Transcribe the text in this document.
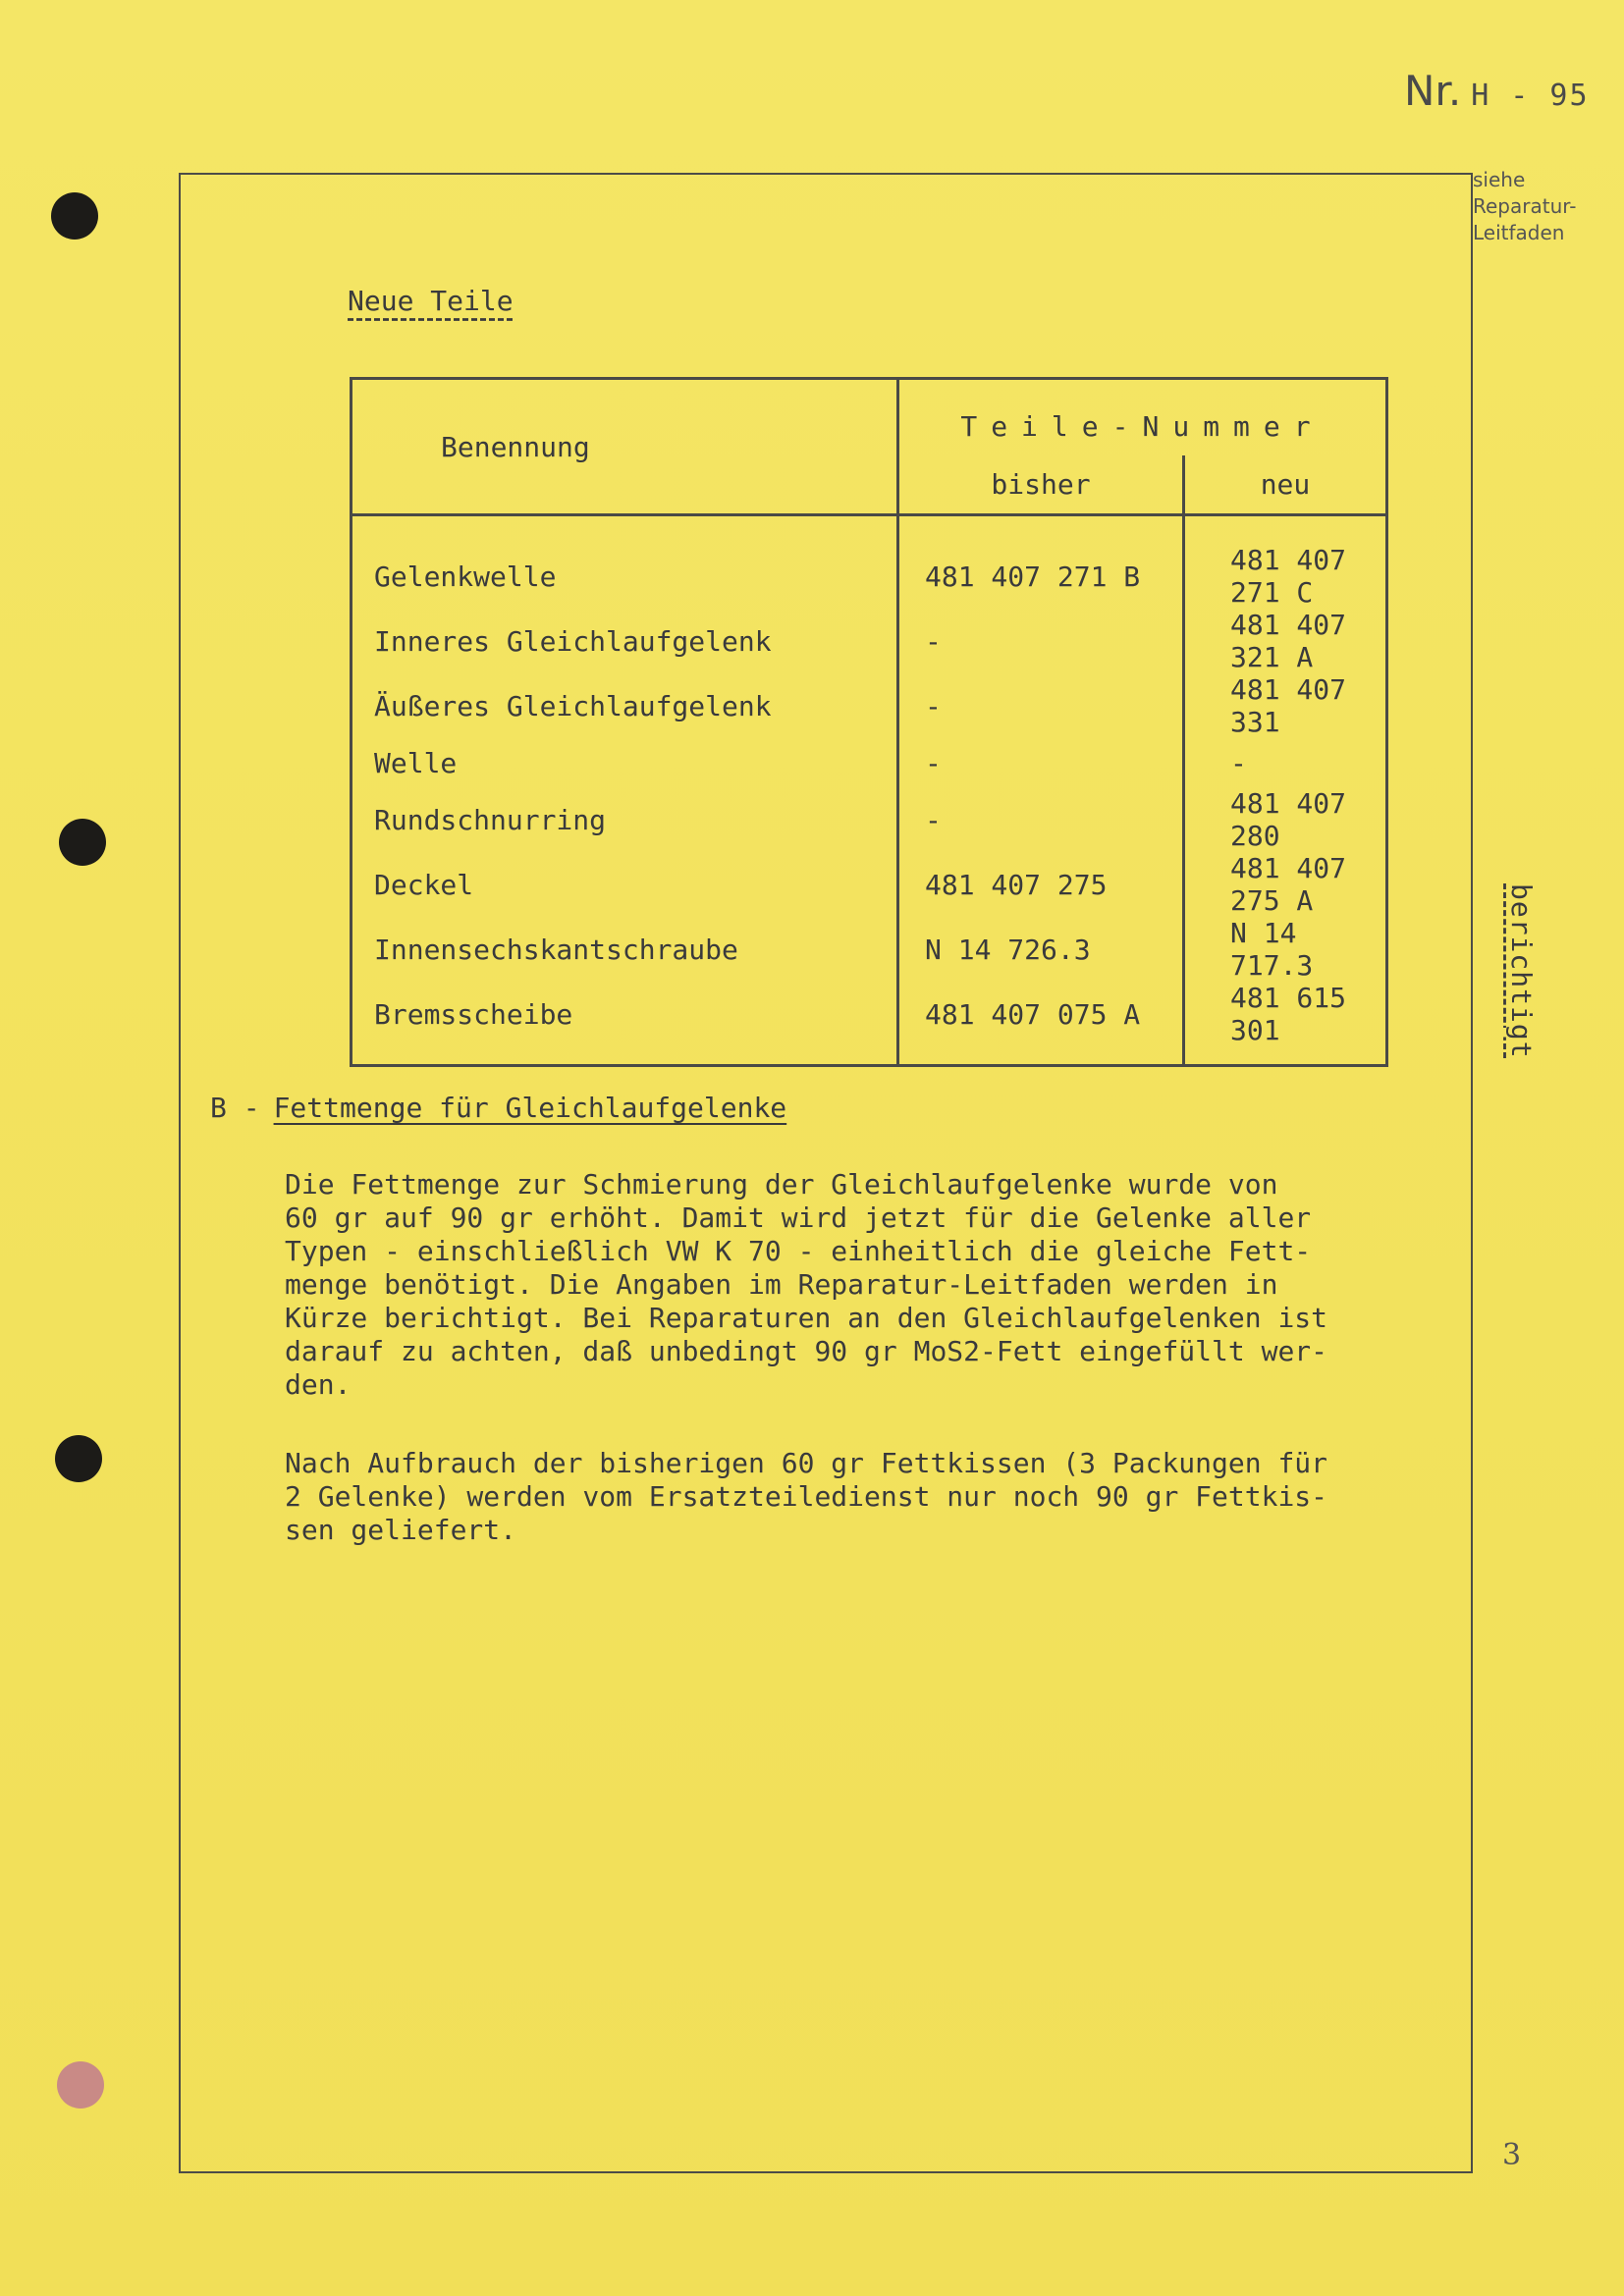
Nr. H - 95
siehe
Reparatur-
Leitfaden
berichtigt
Neue Teile
Benennung	Teile-Nummer	
	bisher	neu
Gelenkwelle	481 407 271 B	481 407 271 C
Inneres Gleichlaufgelenk	-	481 407 321 A
Äußeres Gleichlaufgelenk	-	481 407 331
Welle	-	-
Rundschnurring	-	481 407 280
Deckel	481 407 275	481 407 275 A
Innensechskantschraube	N 14 726.3	N 14 717.3
Bremsscheibe	481 407 075 A	481 615 301
B - Fettmenge für Gleichlaufgelenke

Die Fettmenge zur Schmierung der Gleichlaufgelenke wurde von
60 gr auf 90 gr erhöht. Damit wird jetzt für die Gelenke aller
Typen - einschließlich VW K 70 - einheitlich die gleiche Fett-
menge benötigt. Die Angaben im Reparatur-Leitfaden werden in
Kürze berichtigt. Bei Reparaturen an den Gleichlaufgelenken ist
darauf zu achten, daß unbedingt 90 gr MoS2-Fett eingefüllt wer-
den.

Nach Aufbrauch der bisherigen 60 gr Fettkissen (3 Packungen für
2 Gelenke) werden vom Ersatzteiledienst nur noch 90 gr Fettkis-
sen geliefert.

3
